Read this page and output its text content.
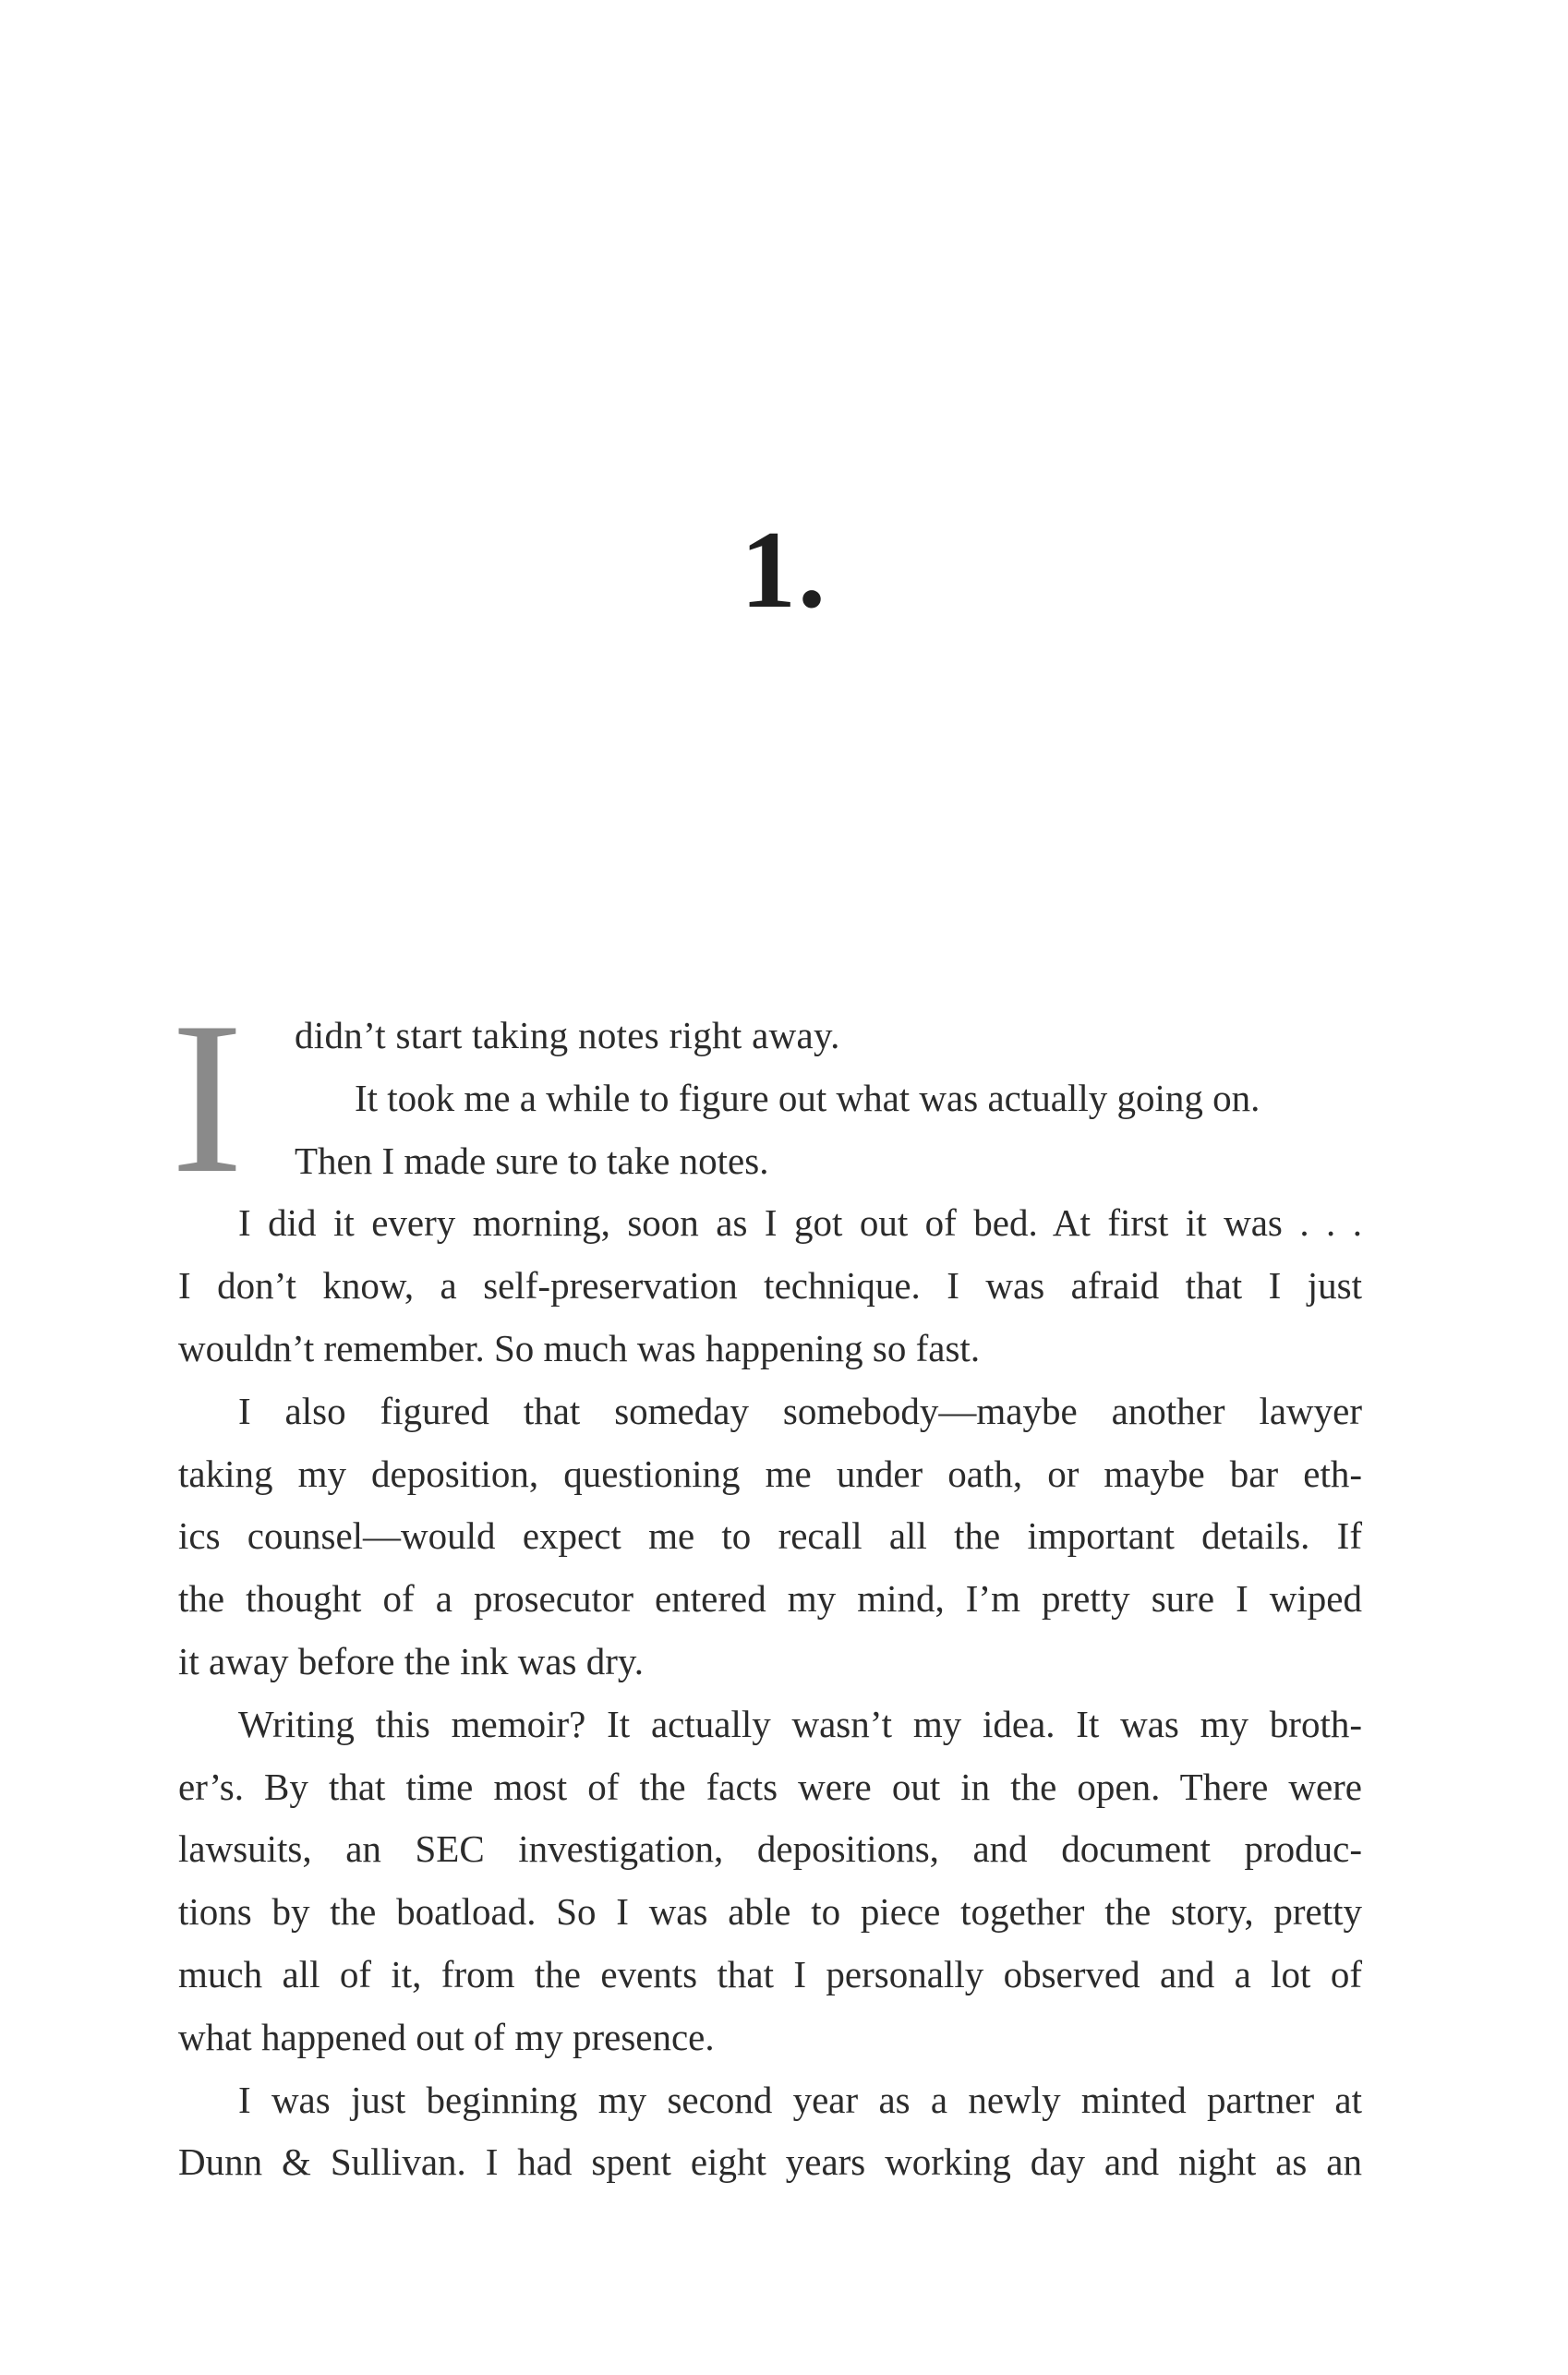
1.

I didn’t start taking notes right away.
It took me a while to figure out what was actually going on.
Then I made sure to take notes.

I did it every morning, soon as I got out of bed. At first it was . . .
I don’t know, a self-preservation technique. I was afraid that I just
wouldn’t remember. So much was happening so fast.

I also figured that someday somebody—maybe another lawyer
taking my deposition, questioning me under oath, or maybe bar eth-
ics counsel—would expect me to recall all the important details. If
the thought of a prosecutor entered my mind, I’m pretty sure I wiped
it away before the ink was dry.

Writing this memoir? It actually wasn’t my idea. It was my broth-
er’s. By that time most of the facts were out in the open. There were
lawsuits, an SEC investigation, depositions, and document produc-
tions by the boatload. So I was able to piece together the story, pretty
much all of it, from the events that I personally observed and a lot of
what happened out of my presence.

I was just beginning my second year as a newly minted partner at
Dunn & Sullivan. I had spent eight years working day and night as an
